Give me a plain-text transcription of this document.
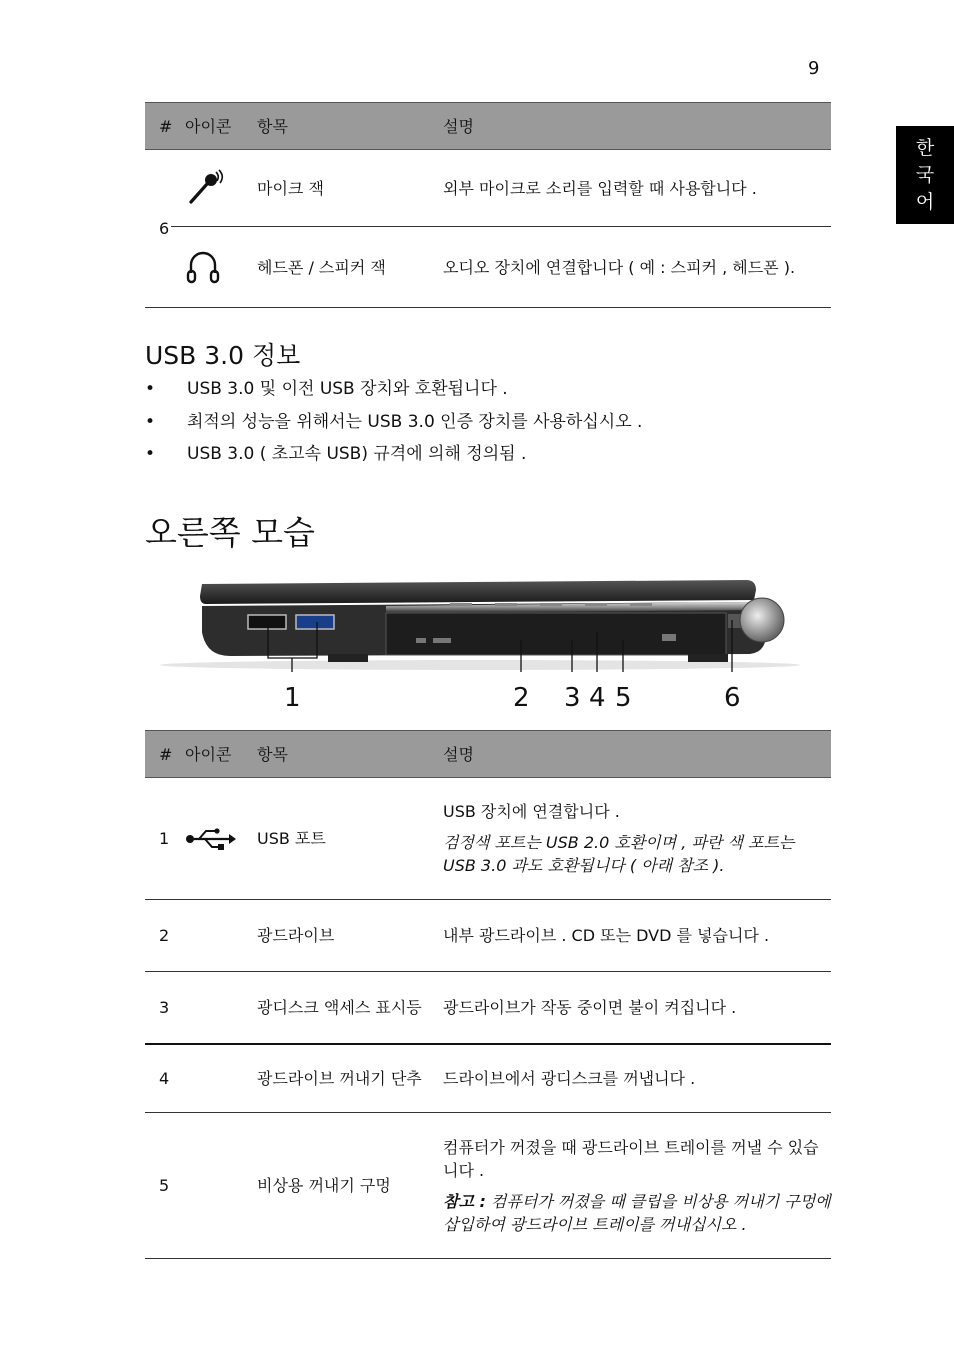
9
한
국
어
#	아이콘	항목	설명
6		마이크 잭	외부 마이크로 소리를 입력할 때 사용합니다 .

	헤드폰 / 스피커 잭	오디오 장치에 연결합니다 ( 예 : 스피커 , 헤드폰 ).
USB 3.0 정보
• USB 3.0 및 이전 USB 장치와 호환됩니다 .
• 최적의 성능을 위해서는 USB 3.0 인증 장치를 사용하십시오 .
• USB 3.0 ( 초고속 USB) 규격에 의해 정의됨 .
오른쪽 모습
1	2 3 4 5	6
#	아이콘	항목	설명
1		USB 포트	USB 장치에 연결합니다 .

검정색 포트는 USB 2.0 호환이며 , 파란 색 포트는 USB 3.0 과도 호환됩니다 ( 아래 참조 ).

2		광드라이브	내부 광드라이브 . CD 또는 DVD 를 넣습니다 .
3		광디스크 액세스 표시등	광드라이브가 작동 중이면 불이 켜집니다 .
4		광드라이브 꺼내기 단추	드라이브에서 광디스크를 꺼냅니다 .
5		비상용 꺼내기 구멍	컴퓨터가 꺼졌을 때 광드라이브 트레이를 꺼낼 수 있습니다 .

참고 : 컴퓨터가 꺼졌을 때 클립을 비상용 꺼내기 구멍에 삽입하여 광드라이브 트레이를 꺼내십시오 .
